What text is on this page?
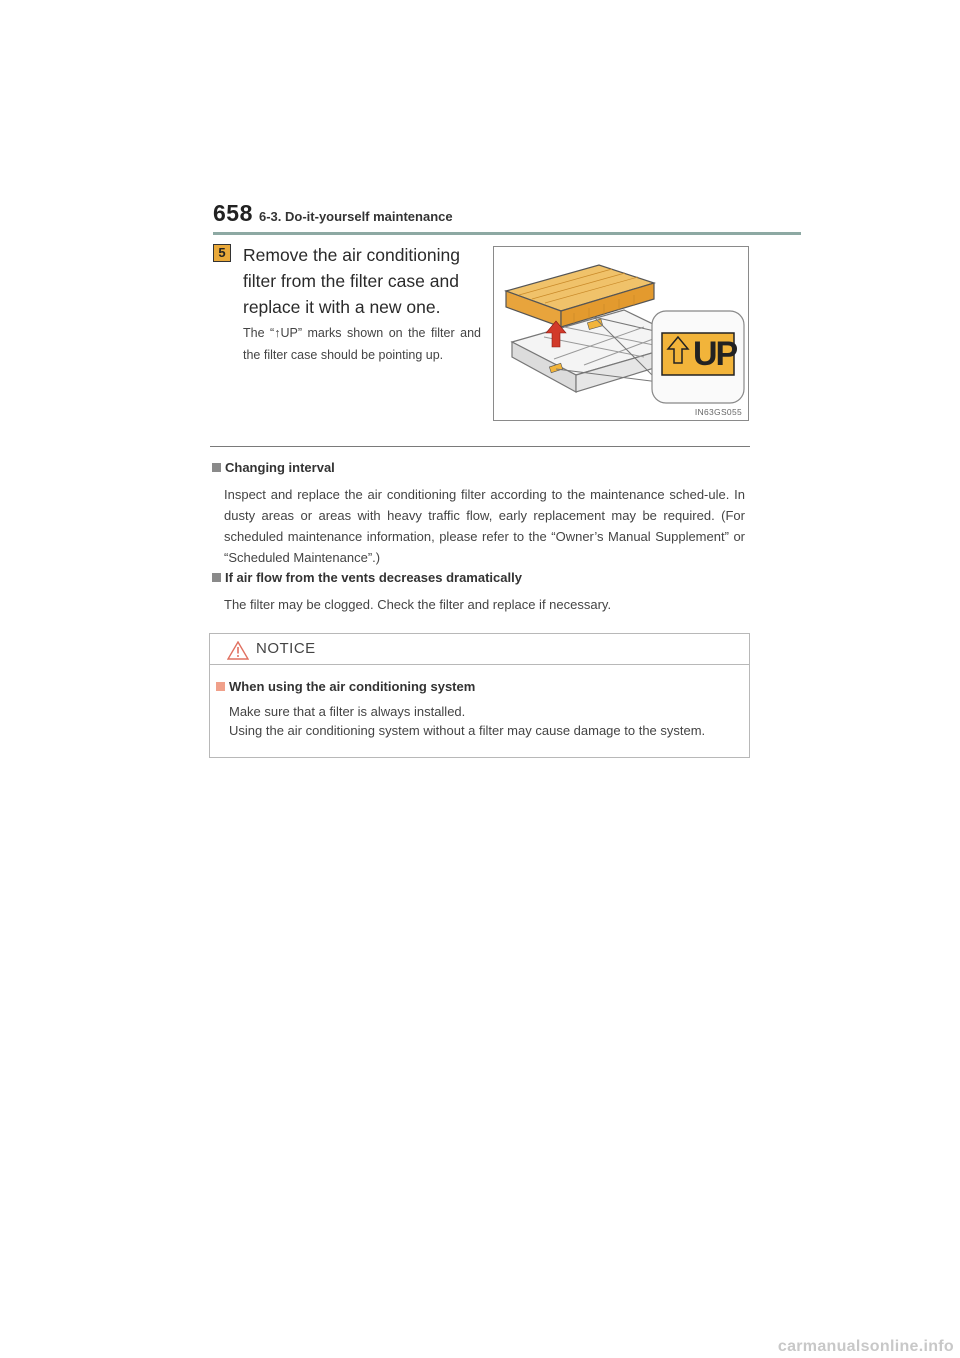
658 6-3. Do-it-yourself maintenance
5 Remove the air conditioning filter from the filter case and replace it with a new one.
The “↑UP” marks shown on the filter and the filter case should be pointing up.	UP
IN63GS055
Changing interval
Inspect and replace the air conditioning filter according to the maintenance sched-ule. In dusty areas or areas with heavy traffic flow, early replacement may be required. (For scheduled maintenance information, please refer to the “Owner’s Manual Supplement” or “Scheduled Maintenance”.)
If air flow from the vents decreases dramatically
The filter may be clogged. Check the filter and replace if necessary.
NOTICE
When using the air conditioning system
Make sure that a filter is always installed.
Using the air conditioning system without a filter may cause damage to the system.
carmanualsonline.info
